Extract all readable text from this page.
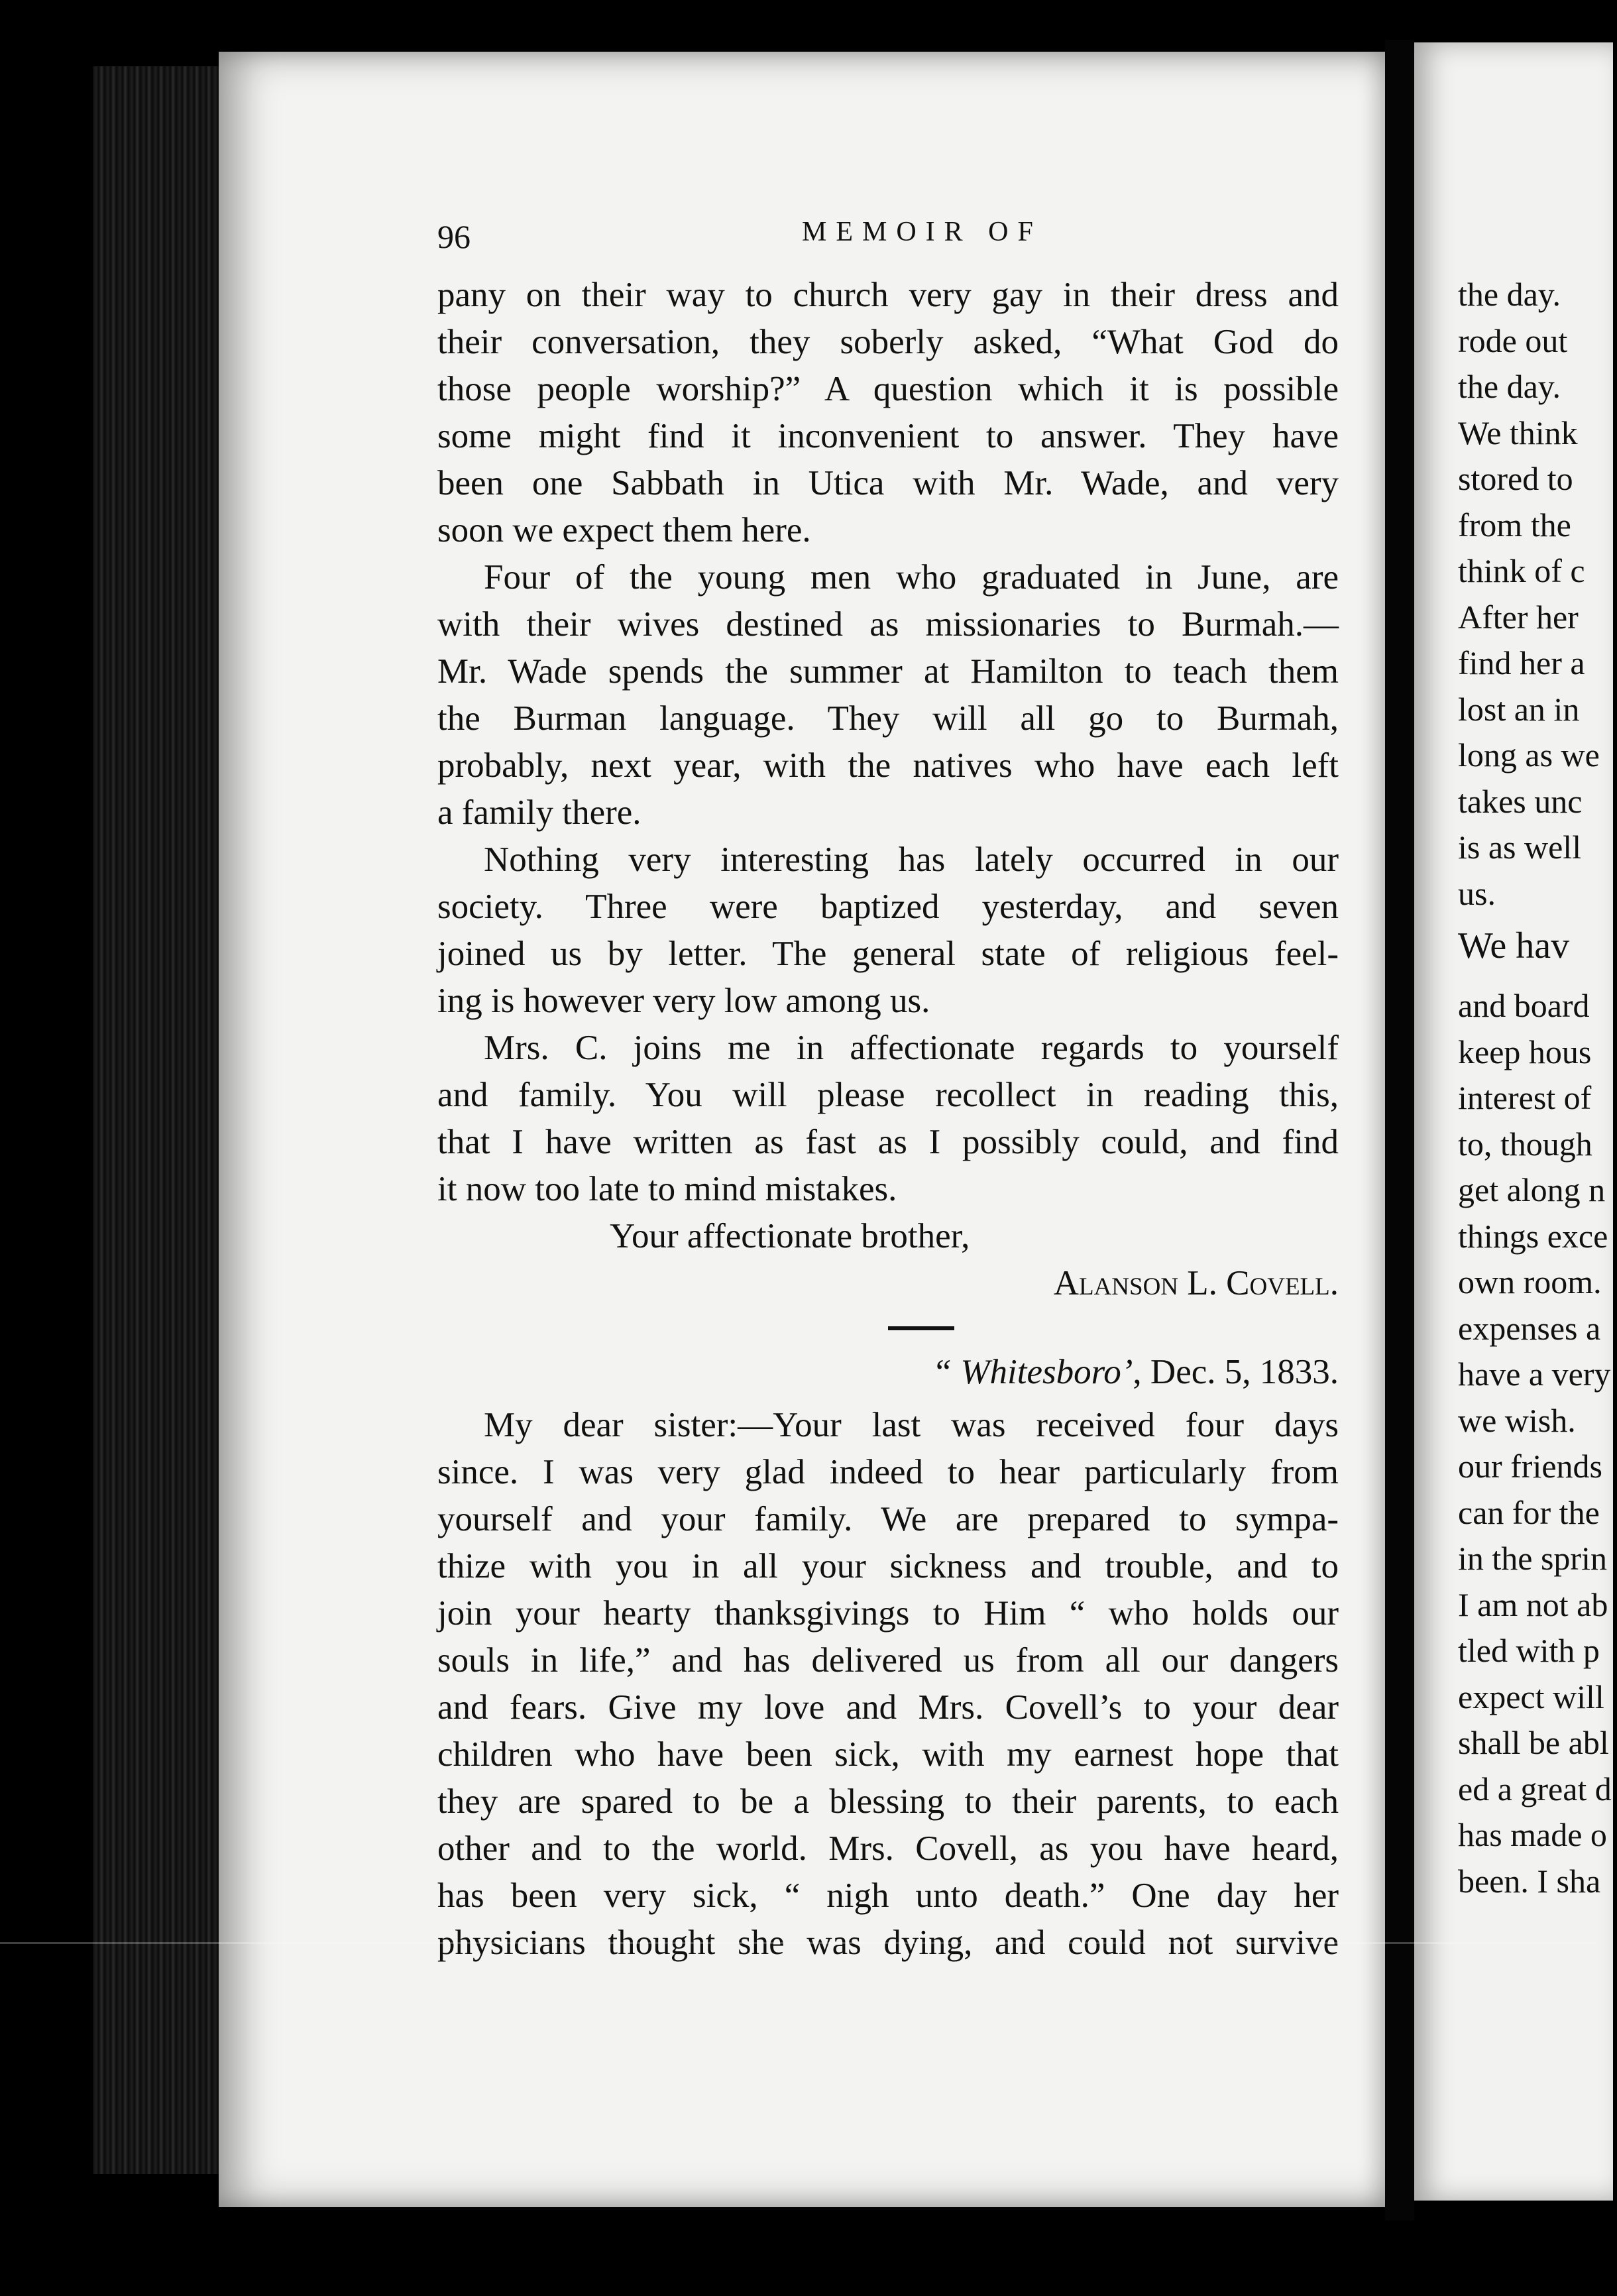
96	MEMOIR OF
pany on their way to church very gay in their dress and
their conversation, they soberly asked, “What God do
those people worship?” A question which it is possible
some might find it inconvenient to answer. They have
been one Sabbath in Utica with Mr. Wade, and very
soon we expect them here.
Four of the young men who graduated in June, are
with their wives destined as missionaries to Burmah.—
Mr. Wade spends the summer at Hamilton to teach them
the Burman language. They will all go to Burmah,
probably, next year, with the natives who have each left
a family there.
Nothing very interesting has lately occurred in our
society. Three were baptized yesterday, and seven
joined us by letter. The general state of religious feel-
ing is however very low among us.
Mrs. C. joins me in affectionate regards to yourself
and family. You will please recollect in reading this,
that I have written as fast as I possibly could, and find
it now too late to mind mistakes.
Your affectionate brother,
Alanson L. Covell.
“ Whitesboro’, Dec. 5, 1833.
My dear sister:—Your last was received four days
since. I was very glad indeed to hear particularly from
yourself and your family. We are prepared to sympa-
thize with you in all your sickness and trouble, and to
join your hearty thanksgivings to Him “ who holds our
souls in life,” and has delivered us from all our dangers
and fears. Give my love and Mrs. Covell’s to your dear
children who have been sick, with my earnest hope that
they are spared to be a blessing to their parents, to each
other and to the world. Mrs. Covell, as you have heard,
has been very sick, “ nigh unto death.” One day her
physicians thought she was dying, and could not survive
the day.
rode out
the day.
We think
stored to
from the
think of c
After her
find her a
lost an in
long as we
takes unc
is as well
us.
We hav
and board
keep hous
interest of
to, though
get along n
things exce
own room.
expenses a
have a very
we wish.
our friends
can for the
in the sprin
I am not ab
tled with p
expect will
shall be abl
ed a great d
has made o
been. I sha
